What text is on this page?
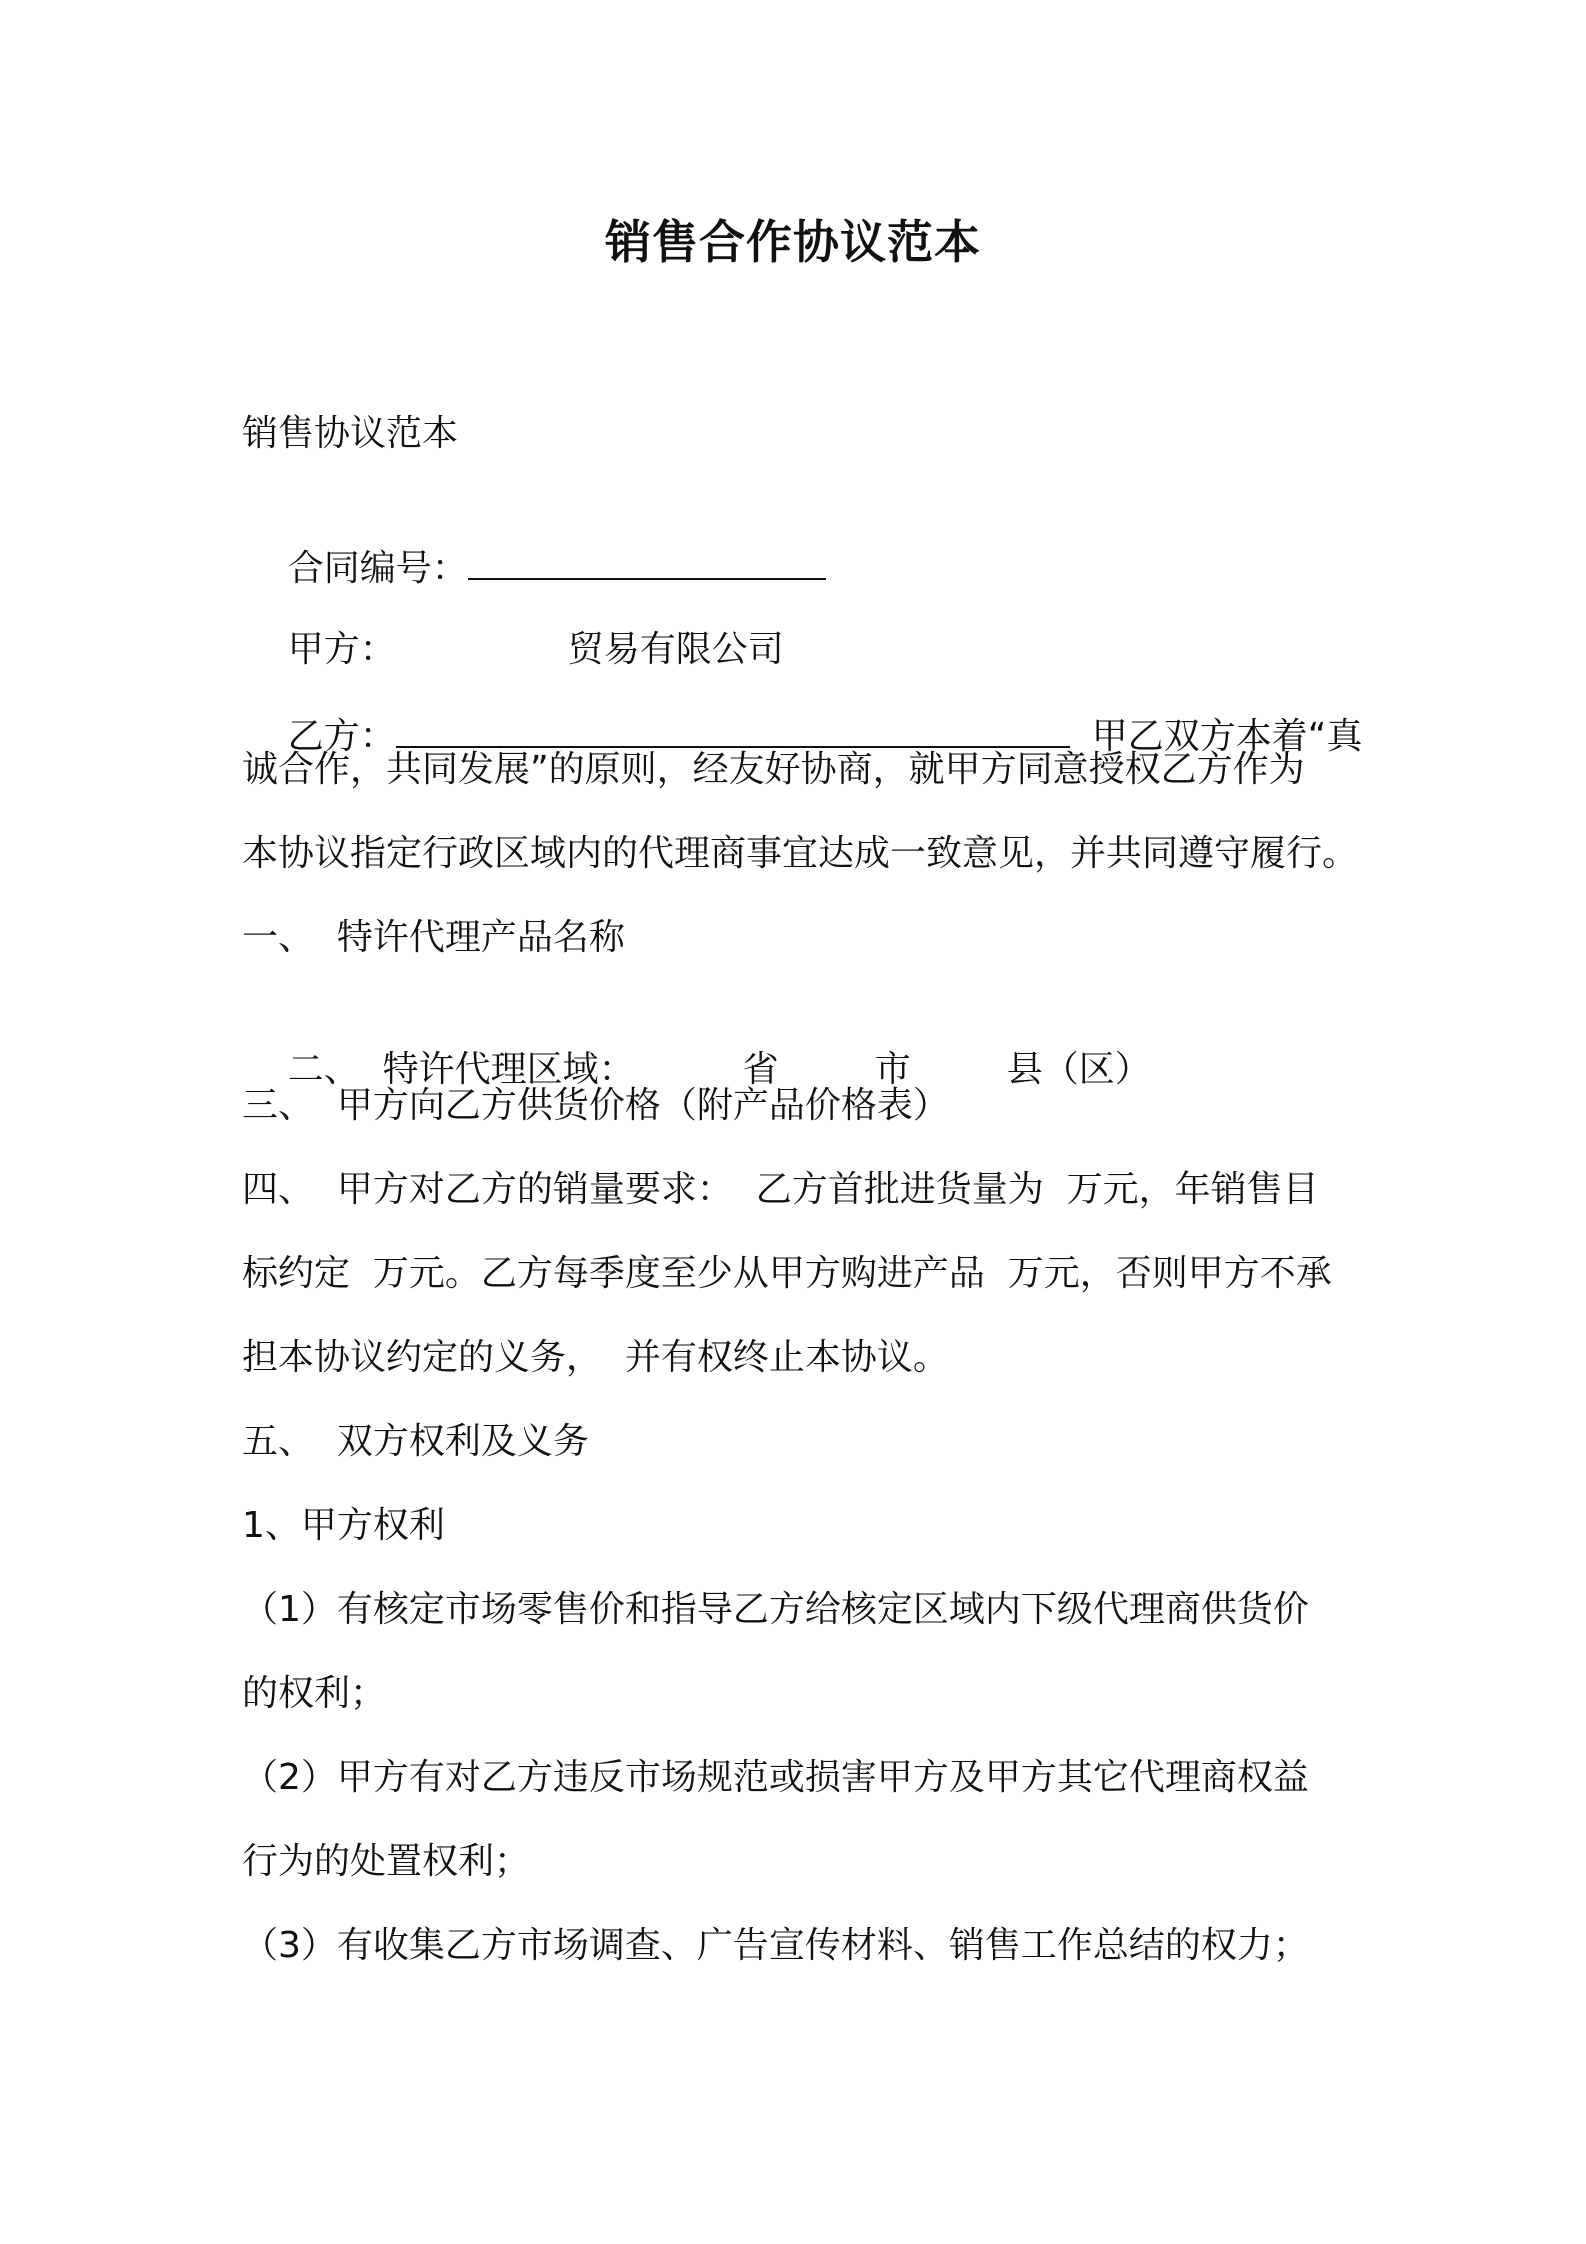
销售合作协议范本
销售协议范本

合同编号：

甲方：	贸易有限公司

乙方：	甲乙双方本着“真

诚合作，共同发展”的原则，经友好协商，就甲方同意授权乙方作为
本协议指定行政区域内的代理商事宜达成一致意见，并共同遵守履行。
一、  特许代理产品名称

二、  特许代理区域：	省	市	县（区）

三、  甲方向乙方供货价格（附产品价格表）
四、  甲方对乙方的销量要求：  乙方首批进货量为  万元，年销售目
标约定  万元。乙方每季度至少从甲方购进产品  万元，否则甲方不承
担本协议约定的义务，  并有权终止本协议。
五、  双方权利及义务
1、甲方权利
（1）有核定市场零售价和指导乙方给核定区域内下级代理商供货价
的权利；
（2）甲方有对乙方违反市场规范或损害甲方及甲方其它代理商权益
行为的处置权利；
（3）有收集乙方市场调查、广告宣传材料、销售工作总结的权力；
